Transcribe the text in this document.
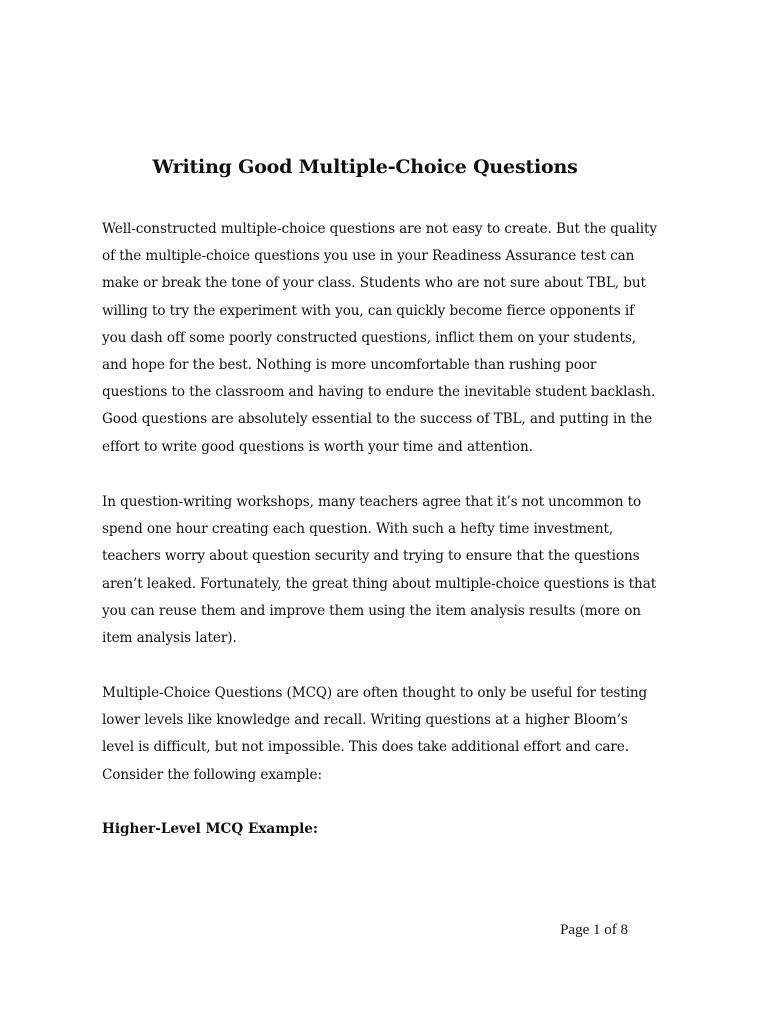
Writing Good Multiple-Choice Questions

Well-constructed multiple-choice questions are not easy to create. But the quality of the multiple-choice questions you use in your Readiness Assurance test can make or break the tone of your class. Students who are not sure about TBL, but willing to try the experiment with you, can quickly become fierce opponents if you dash off some poorly constructed questions, inflict them on your students, and hope for the best. Nothing is more uncomfortable than rushing poor questions to the classroom and having to endure the inevitable student backlash. Good questions are absolutely essential to the success of TBL, and putting in the effort to write good questions is worth your time and attention.

In question-writing workshops, many teachers agree that it’s not uncommon to spend one hour creating each question. With such a hefty time investment, teachers worry about question security and trying to ensure that the questions aren’t leaked. Fortunately, the great thing about multiple-choice questions is that you can reuse them and improve them using the item analysis results (more on item analysis later).

Multiple-Choice Questions (MCQ) are often thought to only be useful for testing lower levels like knowledge and recall. Writing questions at a higher Bloom’s level is difficult, but not impossible. This does take additional effort and care. Consider the following example:

Higher-Level MCQ Example:

Page 1 of 8
